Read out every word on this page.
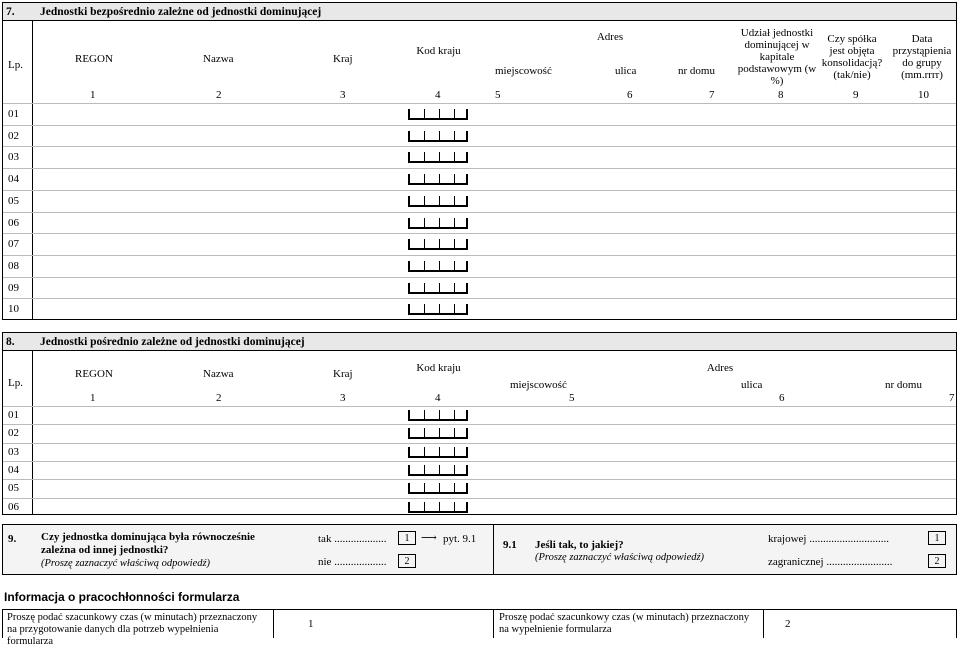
7. Jednostki bezpośrednio zależne od jednostki dominującej
Lp.	REGON	Nazwa	Kraj
Kod kraju
Adres
miejscowość	ulica	nr domu
Udział jednostki dominującej w kapitale podstawowym (w %)
Czy spółka jest objęta konsolidacją? (tak/nie)
Data przystąpienia do grupy (mm.rrrr)
1	2	3	4	5	6	7	8	9	10
01
02
03
04
05
06
07
08
09
10
8. Jednostki pośrednio zależne od jednostki dominującej
Lp.
REGON	Nazwa	Kraj	Kod kraju	Adres
miejscowość	ulica	nr domu
1	2	3	4	5	6	7
01
02
03
04
05
06
9. Czy jednostka dominująca była równocześnie zależna od innej jednostki?
(Proszę zaznaczyć właściwą odpowiedź)
tak ...................	1	⟶ pyt. 9.1
nie ...................	2
9.1 Jeśli tak, to jakiej?
(Proszę zaznaczyć właściwą odpowiedź)
krajowej .............................	1
zagranicznej ........................	2
Informacja o pracochłonności formularza
Proszę podać szacunkowy czas (w minutach) przeznaczony na przygotowanie danych dla potrzeb wypełnienia formularza
1
Proszę podać szacunkowy czas (w minutach) przeznaczony na wypełnienie formularza	2
